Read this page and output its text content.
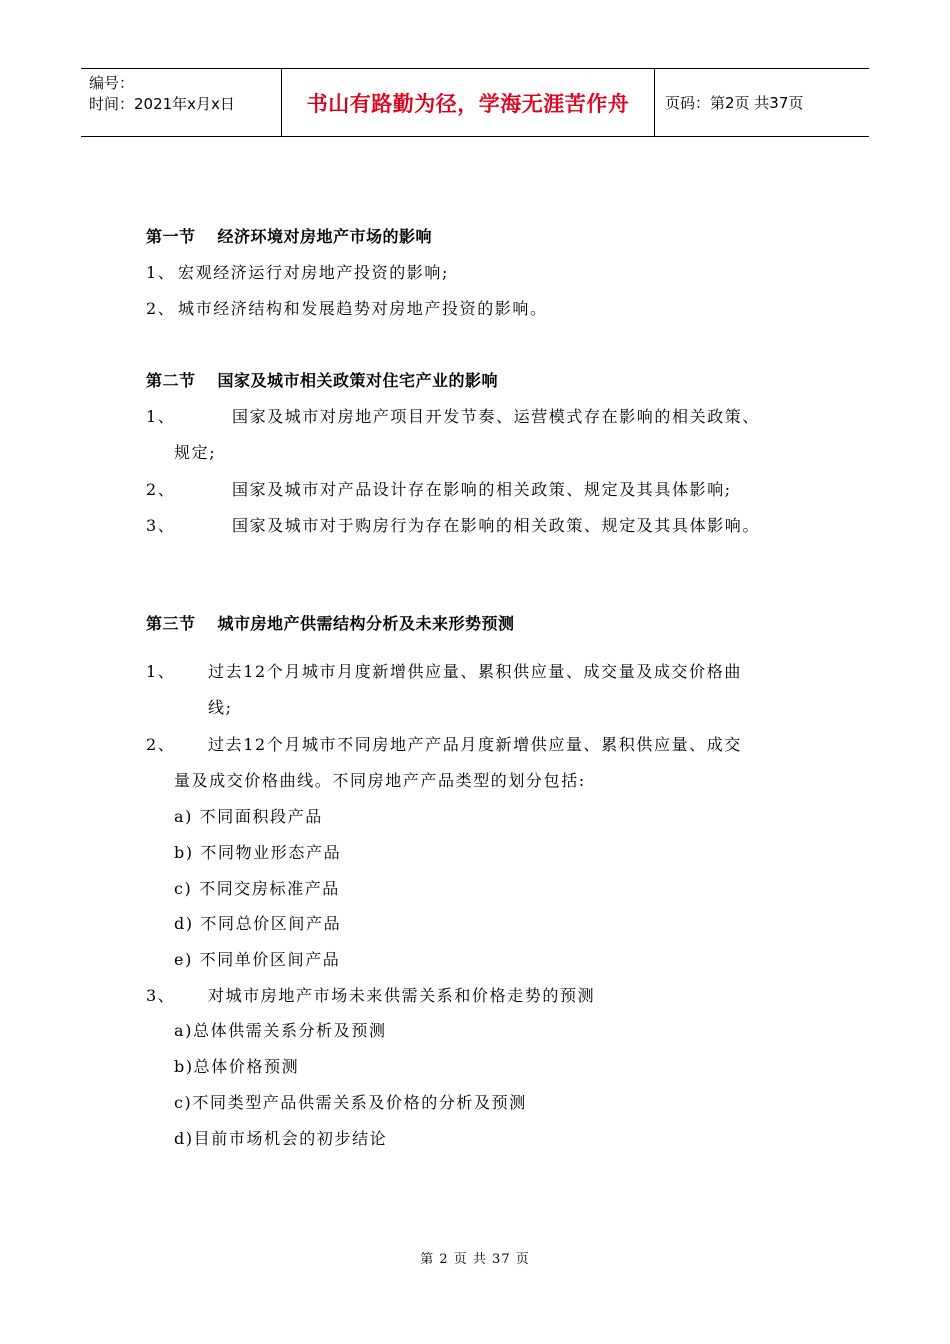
编号：
时间：2021年x月x日	书山有路勤为径，学海无涯苦作舟	页码：第2页 共37页
第一节 经济环境对房地产市场的影响
1、 宏观经济运行对房地产投资的影响;
2、 城市经济结构和发展趋势对房地产投资的影响。
第二节 国家及城市相关政策对住宅产业的影响
1、	国家及城市对房地产项目开发节奏、运营模式存在影响的相关政策、
规定;
2、	国家及城市对产品设计存在影响的相关政策、规定及其具体影响;
3、	国家及城市对于购房行为存在影响的相关政策、规定及其具体影响。
第三节 城市房地产供需结构分析及未来形势预测
1、 过去12个月城市月度新增供应量、累积供应量、成交量及成交价格曲
线;
2、 过去12个月城市不同房地产产品月度新增供应量、累积供应量、成交
量及成交价格曲线。不同房地产产品类型的划分包括:
a) 不同面积段产品
b) 不同物业形态产品
c) 不同交房标准产品
d) 不同总价区间产品
e) 不同单价区间产品
3、 对城市房地产市场未来供需关系和价格走势的预测
a)总体供需关系分析及预测
b)总体价格预测
c)不同类型产品供需关系及价格的分析及预测
d)目前市场机会的初步结论
第 2 页 共 37 页
